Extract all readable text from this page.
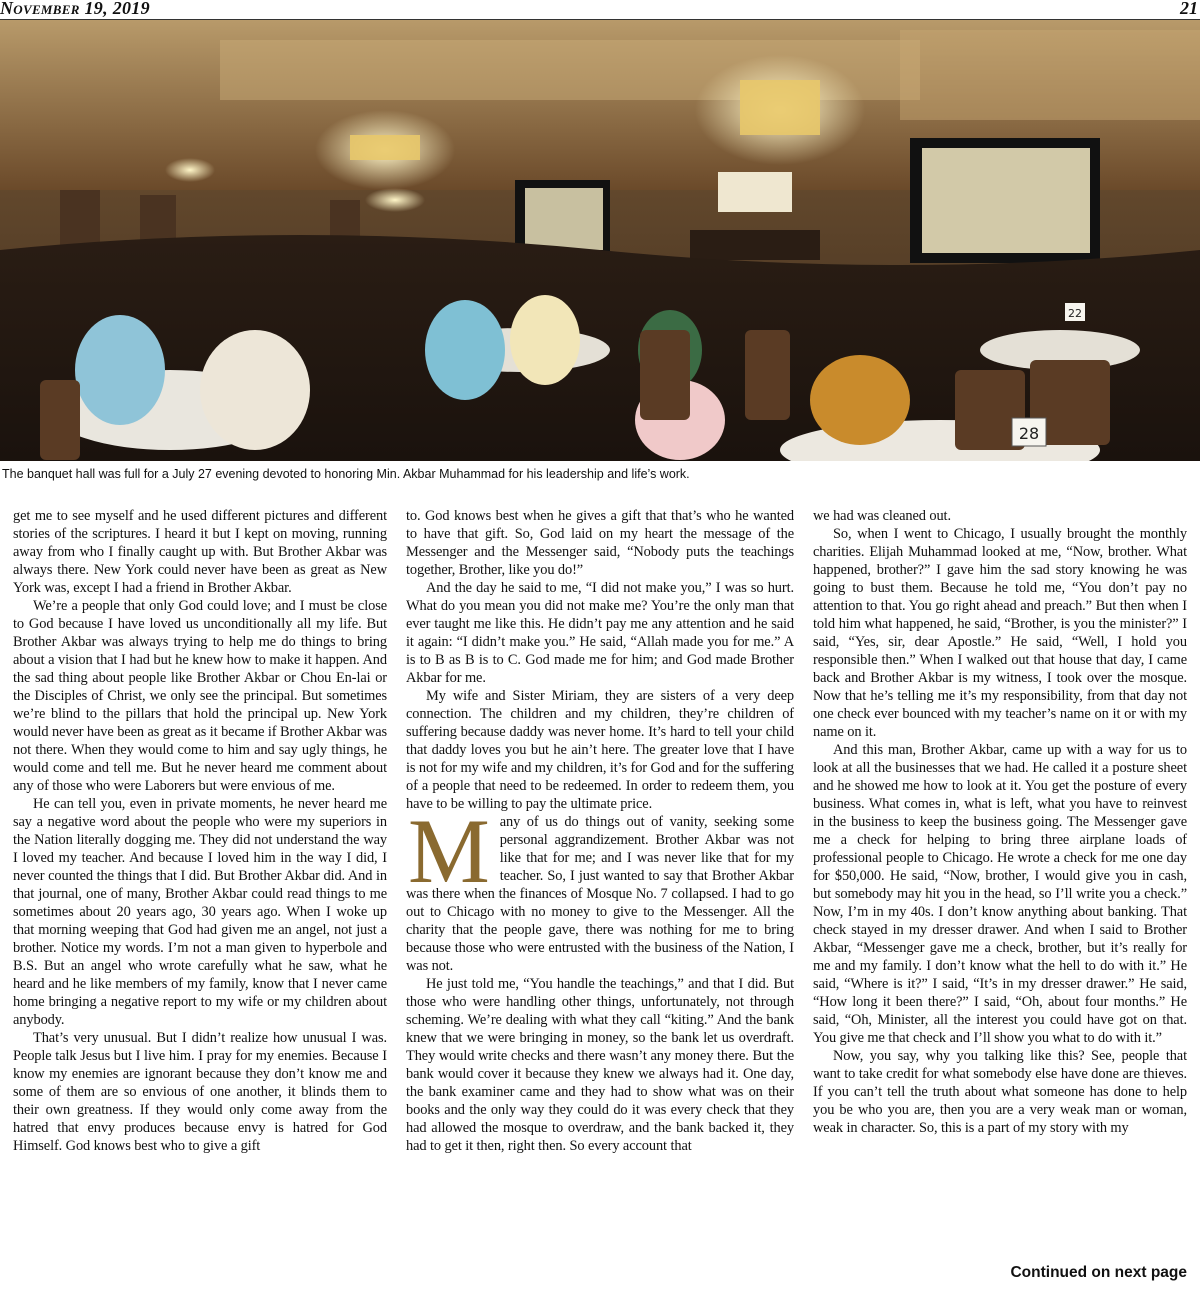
November 19, 2019	21
28
22
The banquet hall was full for a July 27 evening devoted to honoring Min. Akbar Muhammad for his leadership and life’s work.

get me to see myself and he used different pictures and different stories of the scriptures. I heard it but I kept on moving, running away from who I finally caught up with. But Brother Akbar was always there. New York could never have been as great as New York was, except I had a friend in Brother Akbar.

We’re a people that only God could love; and I must be close to God because I have loved us unconditionally all my life. But Brother Akbar was always trying to help me do things to bring about a vision that I had but he knew how to make it happen. And the sad thing about people like Brother Akbar or Chou En-lai or the Disciples of Christ, we only see the principal. But sometimes we’re blind to the pillars that hold the principal up. New York would never have been as great as it became if Brother Akbar was not there. When they would come to him and say ugly things, he would come and tell me. But he never heard me comment about any of those who were Laborers but were envious of me.

He can tell you, even in private moments, he never heard me say a negative word about the people who were my superiors in the Nation literally dogging me. They did not understand the way I loved my teacher. And because I loved him in the way I did, I never counted the things that I did. But Brother Akbar did. And in that journal, one of many, Brother Akbar could read things to me sometimes about 20 years ago, 30 years ago. When I woke up that morning weeping that God had given me an angel, not just a brother. Notice my words. I’m not a man given to hyperbole and B.S. But an angel who wrote carefully what he saw, what he heard and he like members of my family, know that I never came home bringing a negative report to my wife or my children about anybody.

That’s very unusual. But I didn’t realize how unusual I was. People talk Jesus but I live him. I pray for my enemies. Because I know my enemies are ignorant because they don’t know me and some of them are so envious of one another, it blinds them to their own greatness. If they would only come away from the hatred that envy produces because envy is hatred for God Himself. God knows best who to give a gift

to. God knows best when he gives a gift that that’s who he wanted to have that gift. So, God laid on my heart the message of the Messenger and the Messenger said, “Nobody puts the teachings together, Brother, like you do!”

And the day he said to me, “I did not make you,” I was so hurt. What do you mean you did not make me? You’re the only man that ever taught me like this. He didn’t pay me any attention and he said it again: “I didn’t make you.” He said, “Allah made you for me.” A is to B as B is to C. God made me for him; and God made Brother Akbar for me.

My wife and Sister Miriam, they are sisters of a very deep connection. The children and my children, they’re children of suffering because daddy was never home. It’s hard to tell your child that daddy loves you but he ain’t here. The greater love that I have is not for my wife and my children, it’s for God and for the suffering of a people that need to be redeemed. In order to redeem them, you have to be willing to pay the ultimate price.

Many of us do things out of vanity, seeking some personal aggrandizement. Brother Akbar was not like that for me; and I was never like that for my teacher. So, I just wanted to say that Brother Akbar was there when the finances of Mosque No. 7 collapsed. I had to go out to Chicago with no money to give to the Messenger. All the charity that the people gave, there was nothing for me to bring because those who were entrusted with the business of the Nation, I was not.

He just told me, “You handle the teachings,” and that I did. But those who were handling other things, unfortunately, not through scheming. We’re dealing with what they call “kiting.” And the bank knew that we were bringing in money, so the bank let us overdraft. They would write checks and there wasn’t any money there. But the bank would cover it because they knew we always had it. One day, the bank examiner came and they had to show what was on their books and the only way they could do it was every check that they had allowed the mosque to overdraw, and the bank backed it, they had to get it then, right then. So every account that

we had was cleaned out.

So, when I went to Chicago, I usually brought the monthly charities. Elijah Muhammad looked at me, “Now, brother. What happened, brother?” I gave him the sad story knowing he was going to bust them. Because he told me, “You don’t pay no attention to that. You go right ahead and preach.” But then when I told him what happened, he said, “Brother, is you the minister?” I said, “Yes, sir, dear Apostle.” He said, “Well, I hold you responsible then.” When I walked out that house that day, I came back and Brother Akbar is my witness, I took over the mosque. Now that he’s telling me it’s my responsibility, from that day not one check ever bounced with my teacher’s name on it or with my name on it.

And this man, Brother Akbar, came up with a way for us to look at all the businesses that we had. He called it a posture sheet and he showed me how to look at it. You get the posture of every business. What comes in, what is left, what you have to reinvest in the business to keep the business going. The Messenger gave me a check for helping to bring three airplane loads of professional people to Chicago. He wrote a check for me one day for $50,000. He said, “Now, brother, I would give you in cash, but somebody may hit you in the head, so I’ll write you a check.” Now, I’m in my 40s. I don’t know anything about banking. That check stayed in my dresser drawer. And when I said to Brother Akbar, “Messenger gave me a check, brother, but it’s really for me and my family. I don’t know what the hell to do with it.” He said, “Where is it?” I said, “It’s in my dresser drawer.” He said, “How long it been there?” I said, “Oh, about four months.” He said, “Oh, Minister, all the interest you could have got on that. You give me that check and I’ll show you what to do with it.”

Now, you say, why you talking like this? See, people that want to take credit for what somebody else have done are thieves. If you can’t tell the truth about what someone has done to help you be who you are, then you are a very weak man or woman, weak in character. So, this is a part of my story with my

Continued on next page
